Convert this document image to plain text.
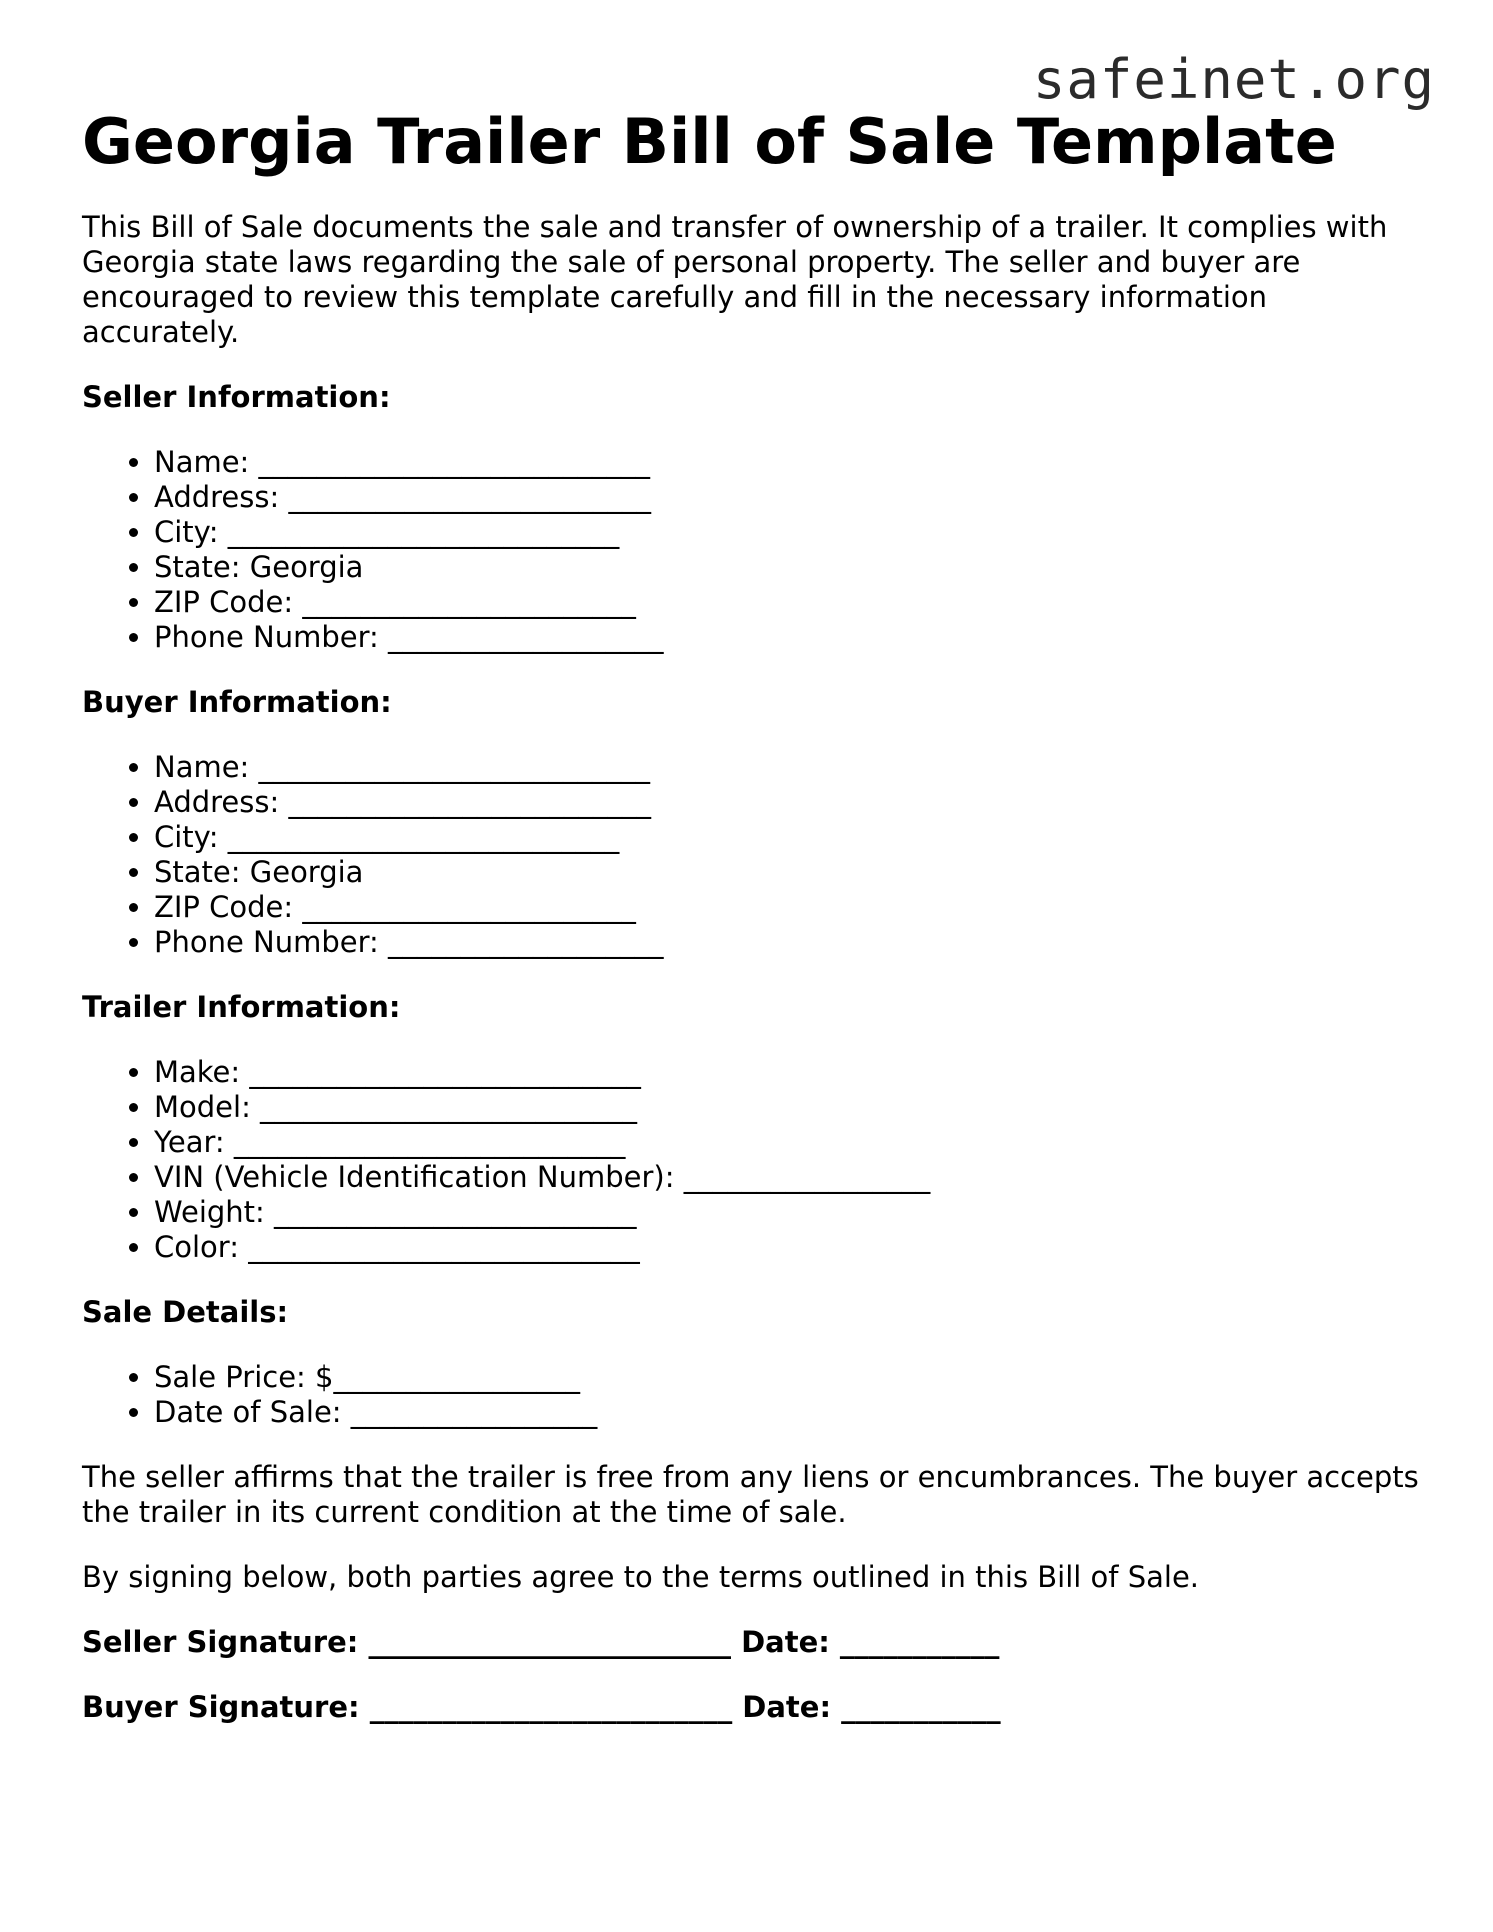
safeinet.org
Georgia Trailer Bill of Sale Template

This Bill of Sale documents the sale and transfer of ownership of a trailer. It complies with Georgia state laws regarding the sale of personal property. The seller and buyer are encouraged to review this template carefully and fill in the necessary information accurately.

Seller Information:
• Name: ___________________________
• Address: _________________________
• City: ___________________________
• State: Georgia
• ZIP Code: _______________________
• Phone Number: ___________________
Buyer Information:
• Name: ___________________________
• Address: _________________________
• City: ___________________________
• State: Georgia
• ZIP Code: _______________________
• Phone Number: ___________________
Trailer Information:
• Make: ___________________________
• Model: __________________________
• Year: ___________________________
• VIN (Vehicle Identification Number): _________________
• Weight: _________________________
• Color: ___________________________
Sale Details:
• Sale Price: $_________________
• Date of Sale: _________________

The seller affirms that the trailer is free from any liens or encumbrances. The buyer accepts the trailer in its current condition at the time of sale.

By signing below, both parties agree to the terms outlined in this Bill of Sale.

Seller Signature: _________________________ Date: ___________
Buyer Signature: _________________________ Date: ___________
